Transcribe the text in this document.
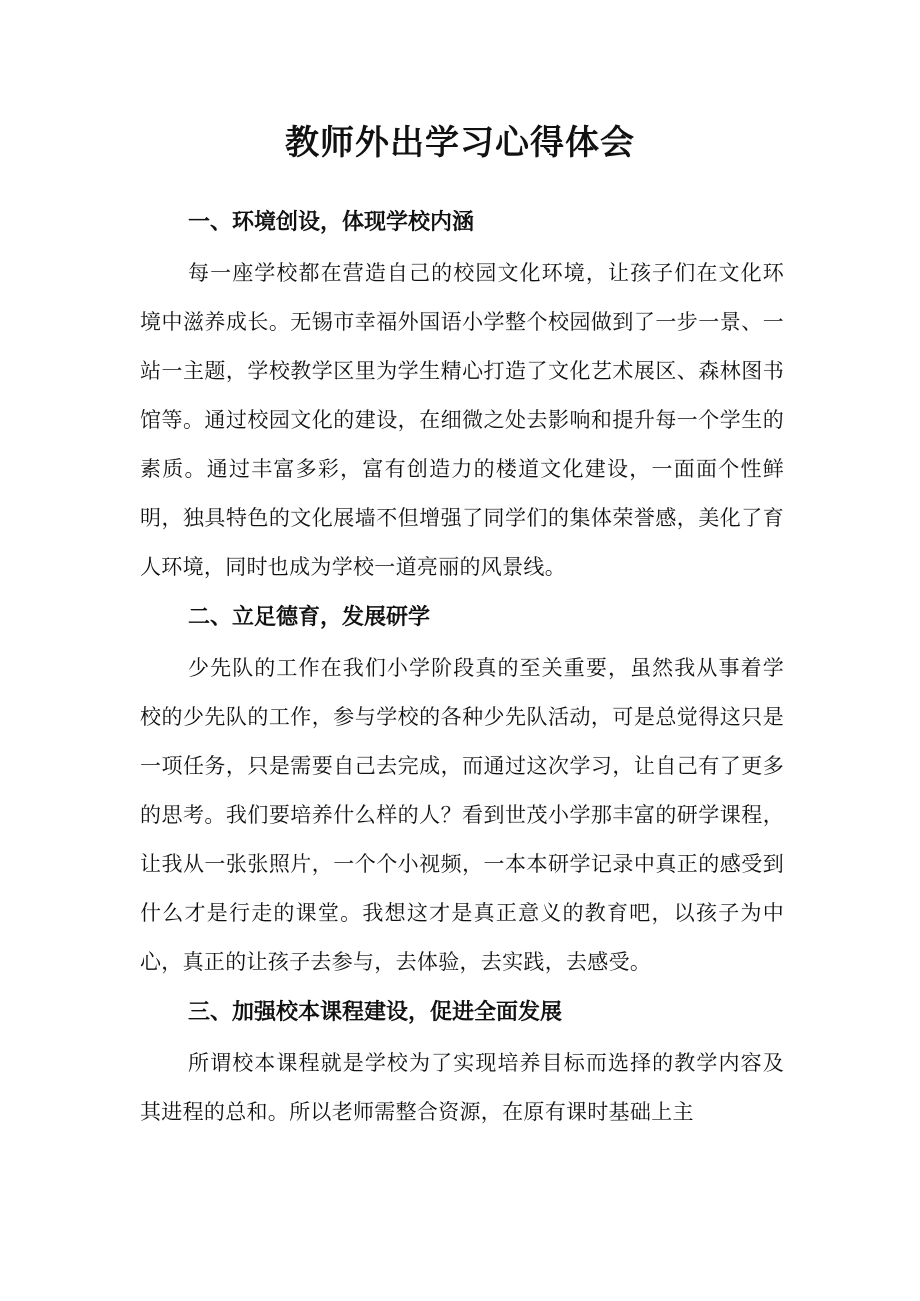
教师外出学习心得体会
一、环境创设，体现学校内涵

每一座学校都在营造自己的校园文化环境，让孩子们在文化环境中滋养成长。无锡市幸福外国语小学整个校园做到了一步一景、一站一主题，学校教学区里为学生精心打造了文化艺术展区、森林图书馆等。通过校园文化的建设，在细微之处去影响和提升每一个学生的素质。通过丰富多彩，富有创造力的楼道文化建设，一面面个性鲜明，独具特色的文化展墙不但增强了同学们的集体荣誉感，美化了育人环境，同时也成为学校一道亮丽的风景线。

二、立足德育，发展研学

少先队的工作在我们小学阶段真的至关重要，虽然我从事着学校的少先队的工作，参与学校的各种少先队活动，可是总觉得这只是一项任务，只是需要自己去完成，而通过这次学习，让自己有了更多的思考。我们要培养什么样的人？看到世茂小学那丰富的研学课程，让我从一张张照片，一个个小视频，一本本研学记录中真正的感受到什么才是行走的课堂。我想这才是真正意义的教育吧，以孩子为中心，真正的让孩子去参与，去体验，去实践，去感受。

三、加强校本课程建设，促进全面发展

所谓校本课程就是学校为了实现培养目标而选择的教学内容及其进程的总和。所以老师需整合资源，在原有课时基础上主
